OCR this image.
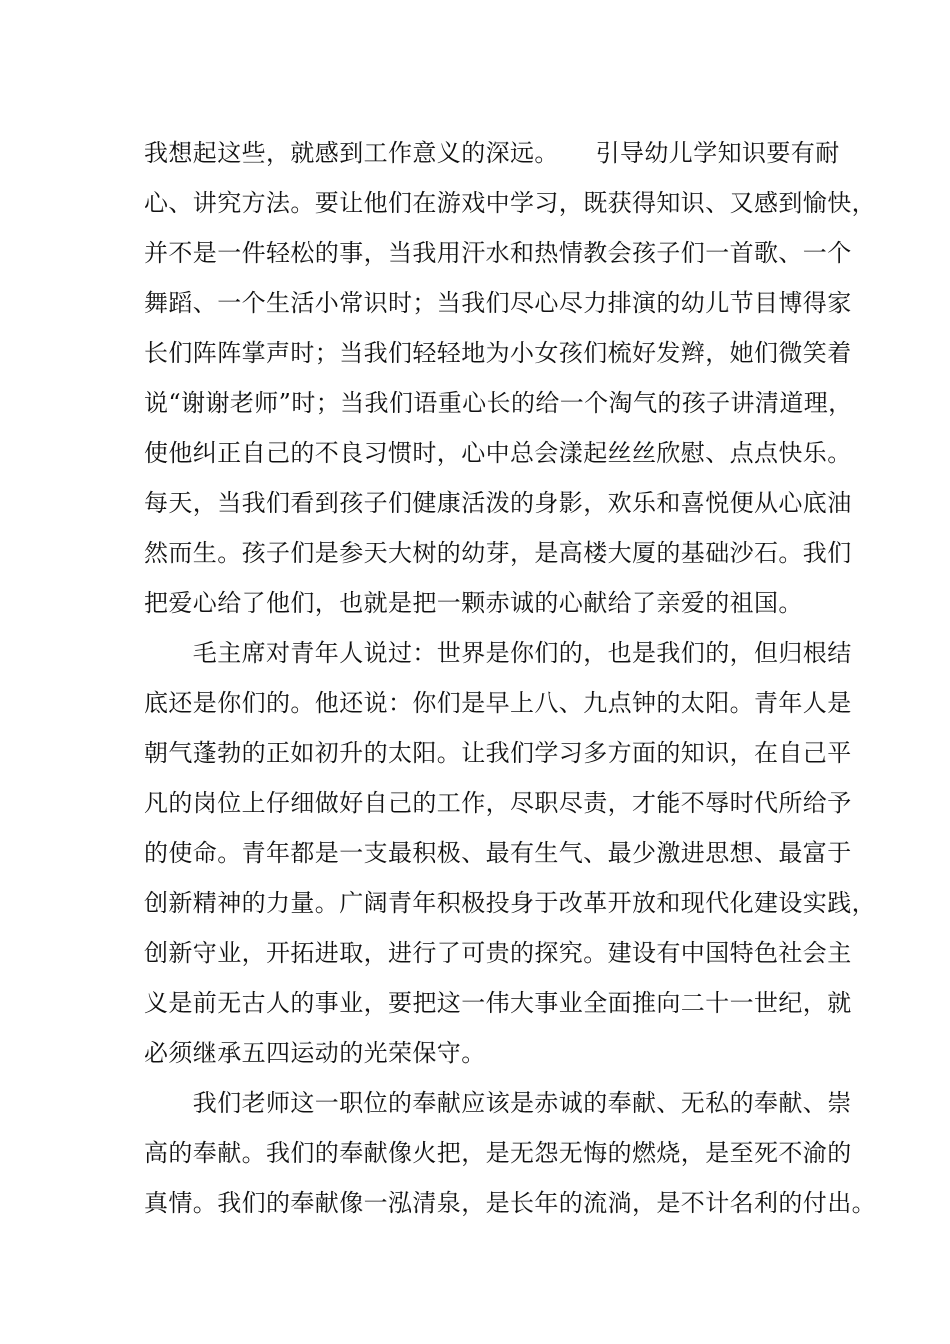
我想起这些，就感到工作意义的深远。　　引导幼儿学知识要有耐
心、讲究方法。要让他们在游戏中学习，既获得知识、又感到愉快，
并不是一件轻松的事，当我用汗水和热情教会孩子们一首歌、一个
舞蹈、一个生活小常识时；当我们尽心尽力排演的幼儿节目博得家
长们阵阵掌声时；当我们轻轻地为小女孩们梳好发辫，她们微笑着
说“谢谢老师”时；当我们语重心长的给一个淘气的孩子讲清道理，
使他纠正自己的不良习惯时，心中总会漾起丝丝欣慰、点点快乐。
每天，当我们看到孩子们健康活泼的身影，欢乐和喜悦便从心底油
然而生。孩子们是参天大树的幼芽，是高楼大厦的基础沙石。我们
把爱心给了他们，也就是把一颗赤诚的心献给了亲爱的祖国。
　　毛主席对青年人说过：世界是你们的，也是我们的，但归根结
底还是你们的。他还说：你们是早上八、九点钟的太阳。青年人是
朝气蓬勃的正如初升的太阳。让我们学习多方面的知识，在自己平
凡的岗位上仔细做好自己的工作，尽职尽责，才能不辱时代所给予
的使命。青年都是一支最积极、最有生气、最少激进思想、最富于
创新精神的力量。广阔青年积极投身于改革开放和现代化建设实践，
创新守业，开拓进取，进行了可贵的探究。建设有中国特色社会主
义是前无古人的事业，要把这一伟大事业全面推向二十一世纪，就
必须继承五四运动的光荣保守。
　　我们老师这一职位的奉献应该是赤诚的奉献、无私的奉献、崇
高的奉献。我们的奉献像火把，是无怨无悔的燃烧，是至死不渝的
真情。我们的奉献像一泓清泉，是长年的流淌，是不计名利的付出。
